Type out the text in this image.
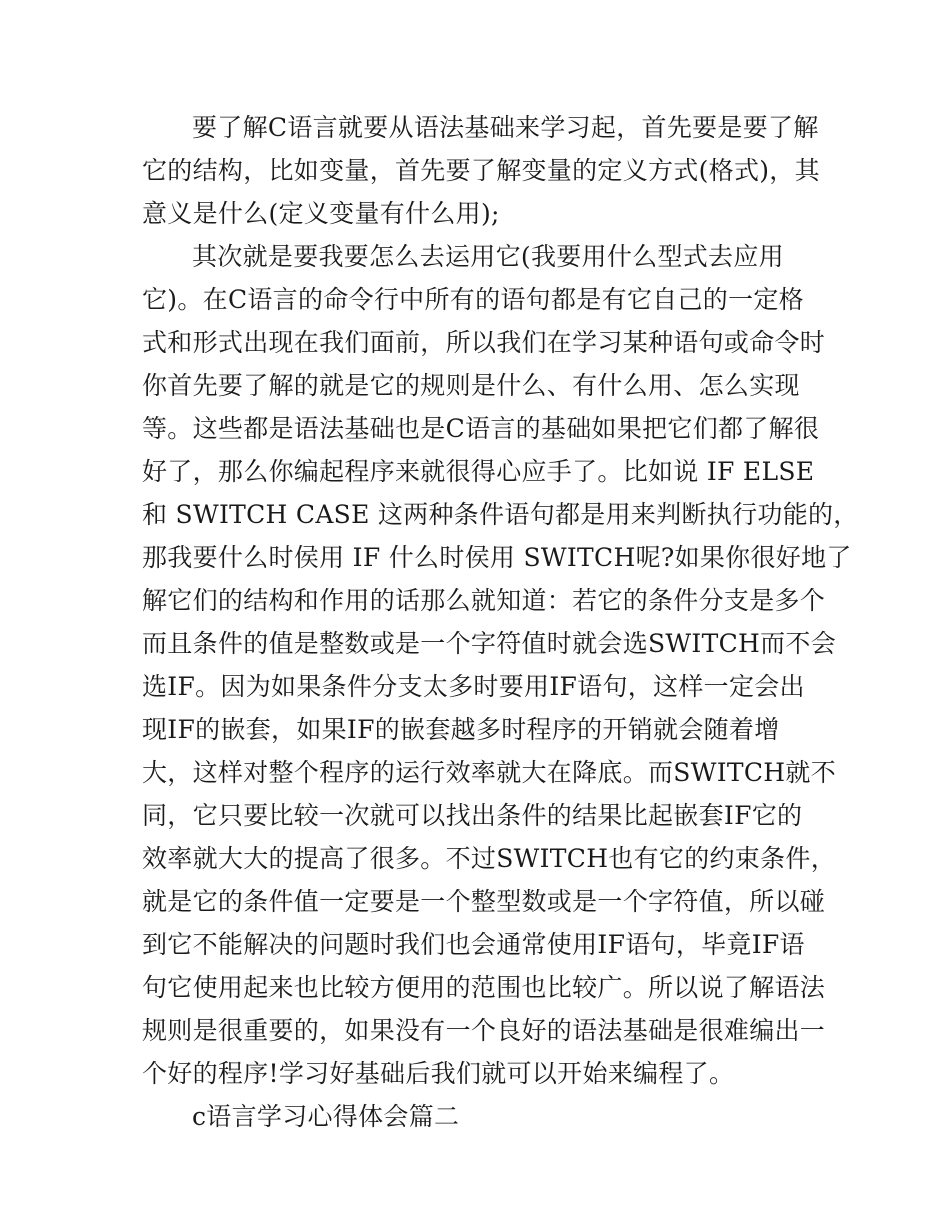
要了解C语言就要从语法基础来学习起，首先要是要了解
它的结构，比如变量，首先要了解变量的定义方式(格式)，其
意义是什么(定义变量有什么用);
其次就是要我要怎么去运用它(我要用什么型式去应用
它)。在C语言的命令行中所有的语句都是有它自己的一定格
式和形式出现在我们面前，所以我们在学习某种语句或命令时
你首先要了解的就是它的规则是什么、有什么用、怎么实现
等。这些都是语法基础也是C语言的基础如果把它们都了解很
好了，那么你编起程序来就很得心应手了。比如说 IF ELSE
和 SWITCH CASE 这两种条件语句都是用来判断执行功能的，
那我要什么时侯用 IF 什么时侯用 SWITCH呢?如果你很好地了
解它们的结构和作用的话那么就知道：若它的条件分支是多个
而且条件的值是整数或是一个字符值时就会选SWITCH而不会
选IF。因为如果条件分支太多时要用IF语句，这样一定会出
现IF的嵌套，如果IF的嵌套越多时程序的开销就会随着增
大，这样对整个程序的运行效率就大在降底。而SWITCH就不
同，它只要比较一次就可以找出条件的结果比起嵌套IF它的
效率就大大的提高了很多。不过SWITCH也有它的约束条件，
就是它的条件值一定要是一个整型数或是一个字符值，所以碰
到它不能解决的问题时我们也会通常使用IF语句，毕竟IF语
句它使用起来也比较方便用的范围也比较广。所以说了解语法
规则是很重要的，如果没有一个良好的语法基础是很难编出一
个好的程序!学习好基础后我们就可以开始来编程了。
c语言学习心得体会篇二
